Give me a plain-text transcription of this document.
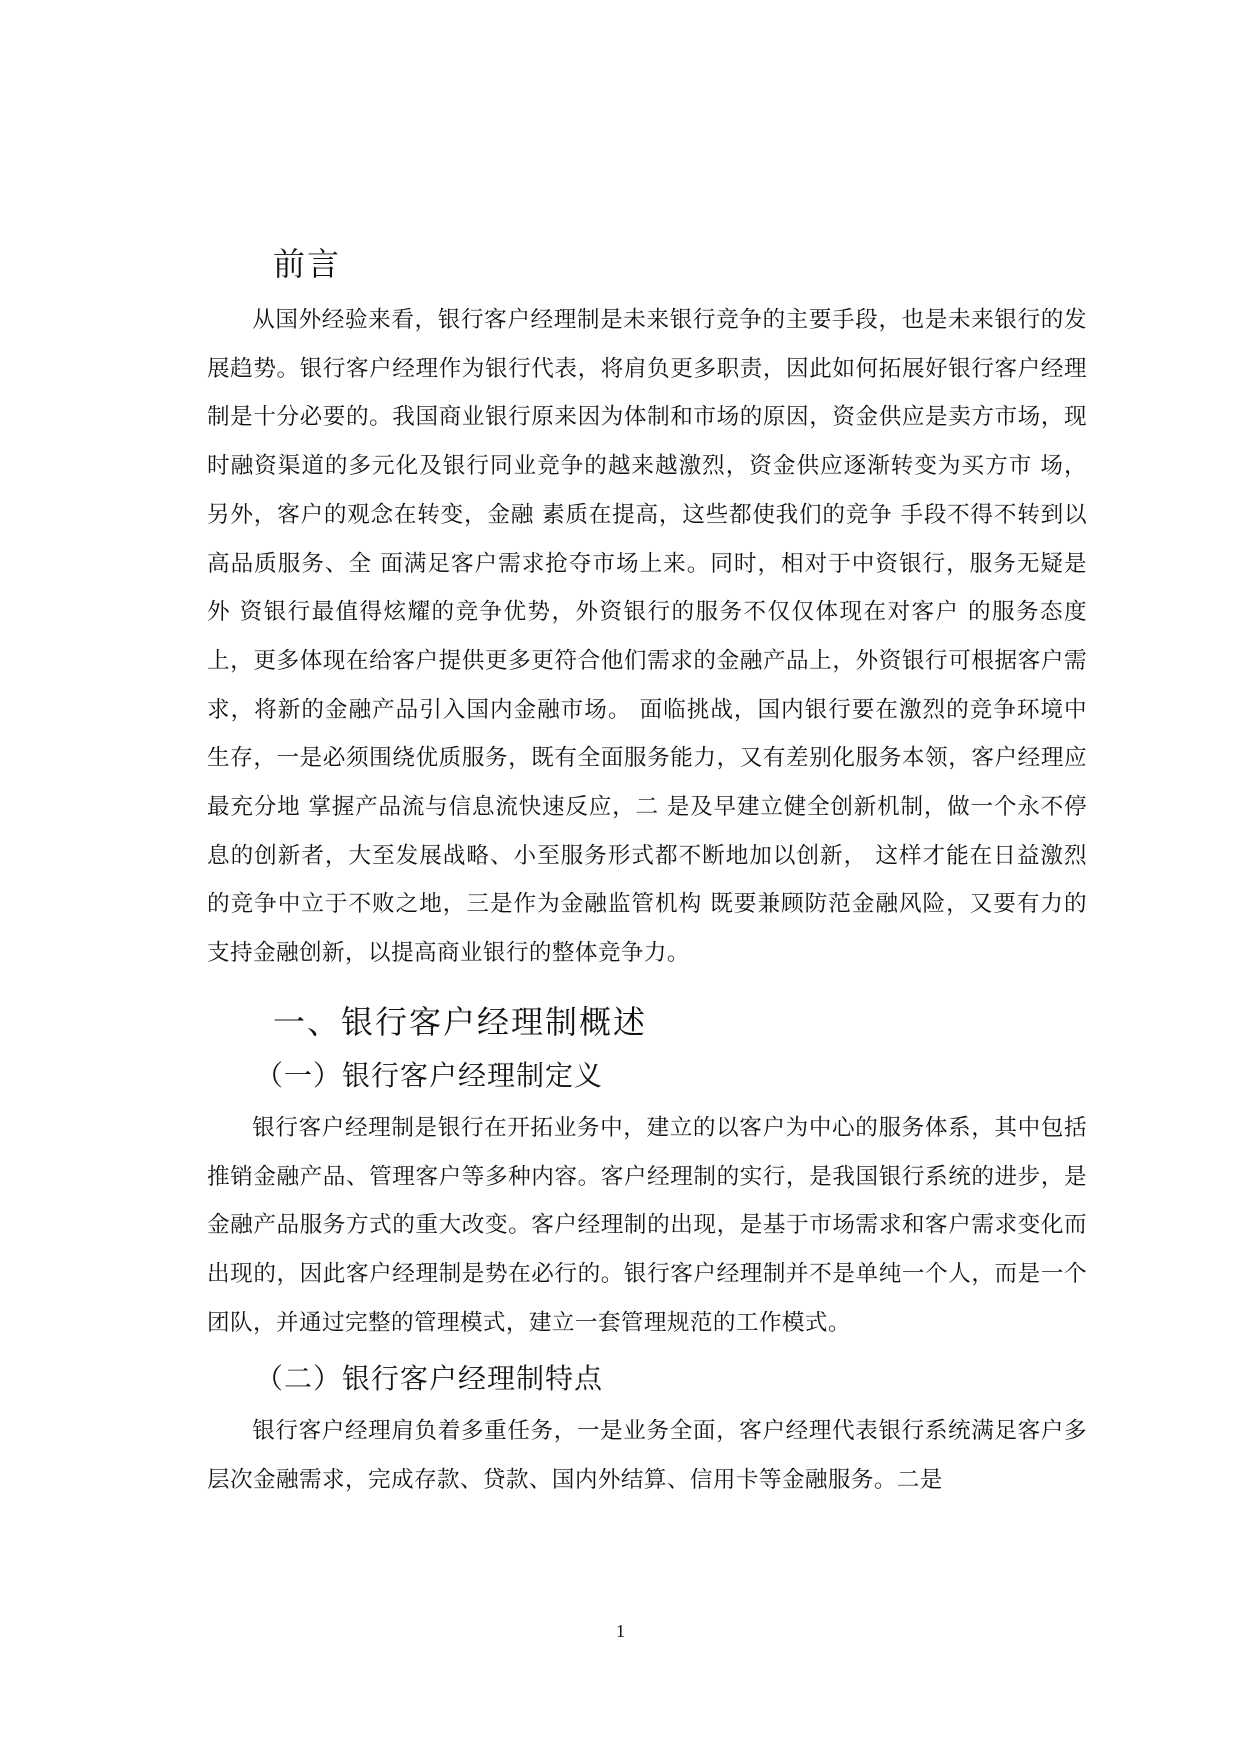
前言

从国外经验来看，银行客户经理制是未来银行竞争的主要手段，也是未来银行的发展趋势。银行客户经理作为银行代表，将肩负更多职责，因此如何拓展好银行客户经理制是十分必要的。我国商业银行原来因为体制和市场的原因，资金供应是卖方市场，现时融资渠道的多元化及银行同业竞争的越来越激烈，资金供应逐渐转变为买方市 场，另外，客户的观念在转变，金融 素质在提高，这些都使我们的竞争 手段不得不转到以高品质服务、全 面满足客户需求抢夺市场上来。同时，相对于中资银行，服务无疑是外 资银行最值得炫耀的竞争优势，外资银行的服务不仅仅体现在对客户 的服务态度上，更多体现在给客户提供更多更符合他们需求的金融产品上，外资银行可根据客户需求，将新的金融产品引入国内金融市场。 面临挑战，国内银行要在激烈的竞争环境中生存，一是必须围绕优质服务，既有全面服务能力，又有差别化服务本领，客户经理应最充分地 掌握产品流与信息流快速反应，二 是及早建立健全创新机制，做一个永不停息的创新者，大至发展战略、小至服务形式都不断地加以创新， 这样才能在日益激烈的竞争中立于不败之地，三是作为金融监管机构 既要兼顾防范金融风险，又要有力的支持金融创新，以提高商业银行的整体竞争力。

一、银行客户经理制概述
（一）银行客户经理制定义

银行客户经理制是银行在开拓业务中，建立的以客户为中心的服务体系，其中包括推销金融产品、管理客户等多种内容。客户经理制的实行，是我国银行系统的进步，是金融产品服务方式的重大改变。客户经理制的出现，是基于市场需求和客户需求变化而出现的，因此客户经理制是势在必行的。银行客户经理制并不是单纯一个人，而是一个团队，并通过完整的管理模式，建立一套管理规范的工作模式。

（二）银行客户经理制特点

银行客户经理肩负着多重任务，一是业务全面，客户经理代表银行系统满足客户多层次金融需求，完成存款、贷款、国内外结算、信用卡等金融服务。二是

1
